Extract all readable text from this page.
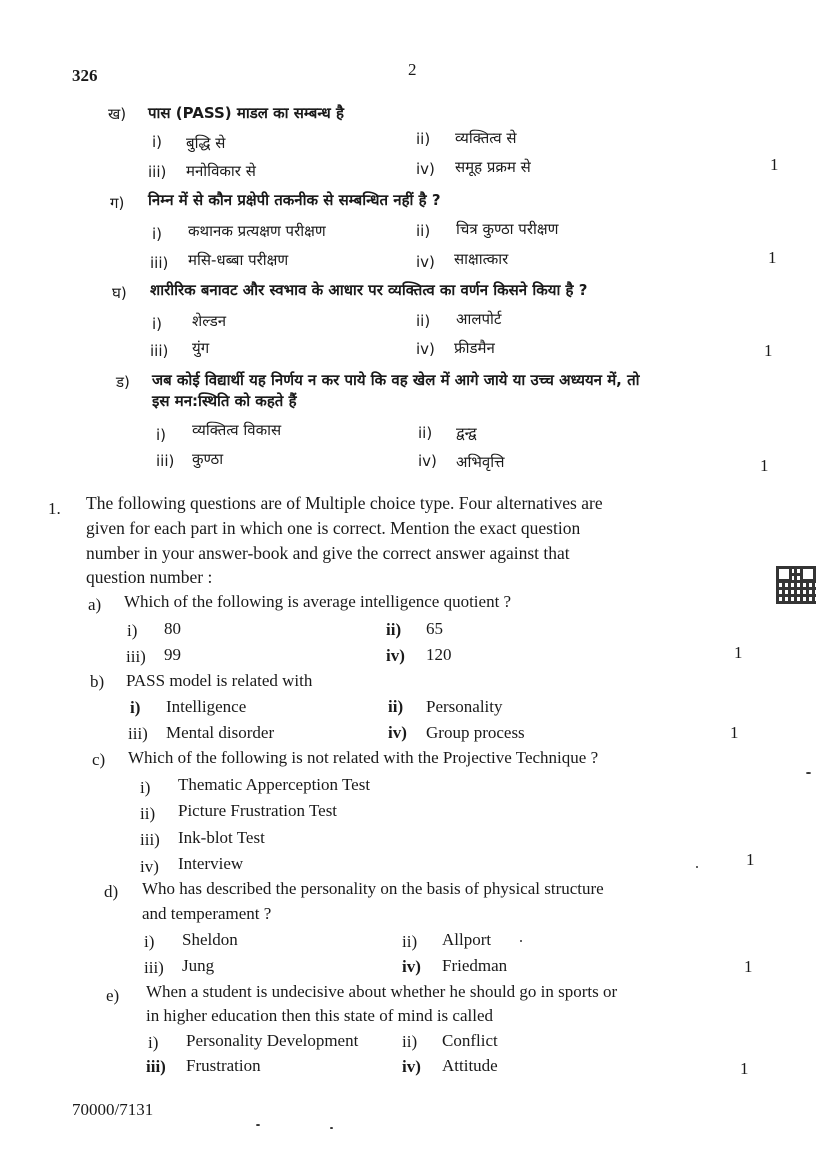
326	2
ख) पास (PASS) माडल का सम्बन्ध है
i) बुद्धि से	ii) व्यक्तित्व से
iii) मनोविकार से	iv) समूह प्रक्रम से	1
ग) निम्न में से कौन प्रक्षेपी तकनीक से सम्बन्धित नहीं है ?
i) कथानक प्रत्यक्षण परीक्षण	ii) चित्र कुण्ठा परीक्षण
iii) मसि-धब्बा परीक्षण	iv) साक्षात्कार	1
घ) शारीरिक बनावट और स्वभाव के आधार पर व्यक्तित्व का वर्णन किसने किया है ?
i) शेल्डन	ii) आलपोर्ट
iii) युंग	iv) फ्रीडमैन	1
ड) जब कोई विद्यार्थी यह निर्णय न कर पाये कि वह खेल में आगे जाये या उच्च अध्ययन में, तो
इस मन:स्थिति को कहते हैं
i) व्यक्तित्व विकास	ii) द्वन्द्व
iii) कुण्ठा	iv) अभिवृत्ति	1
1. The following questions are of Multiple choice type. Four alternatives are
given for each part in which one is correct. Mention the exact question
number in your answer-book and give the correct answer against that
question number :
a) Which of the following is average intelligence quotient ?
i) 80	ii) 65
iii) 99	iv) 120	1
b) PASS model is related with
i) Intelligence	ii) Personality
iii) Mental disorder	iv) Group process	1
c) Which of the following is not related with the Projective Technique ?
i) Thematic Apperception Test
ii) Picture Frustration Test
iii) Ink-blot Test
iv) Interview	1
d) Who has described the personality on the basis of physical structure
and temperament ?
i) Sheldon	ii) Allport
iii) Jung	iv) Friedman	1
e) When a student is undecisive about whether he should go in sports or
in higher education then this state of mind is called
i) Personality Development	ii) Conflict
iii) Frustration	iv) Attitude	1
70000/7131
